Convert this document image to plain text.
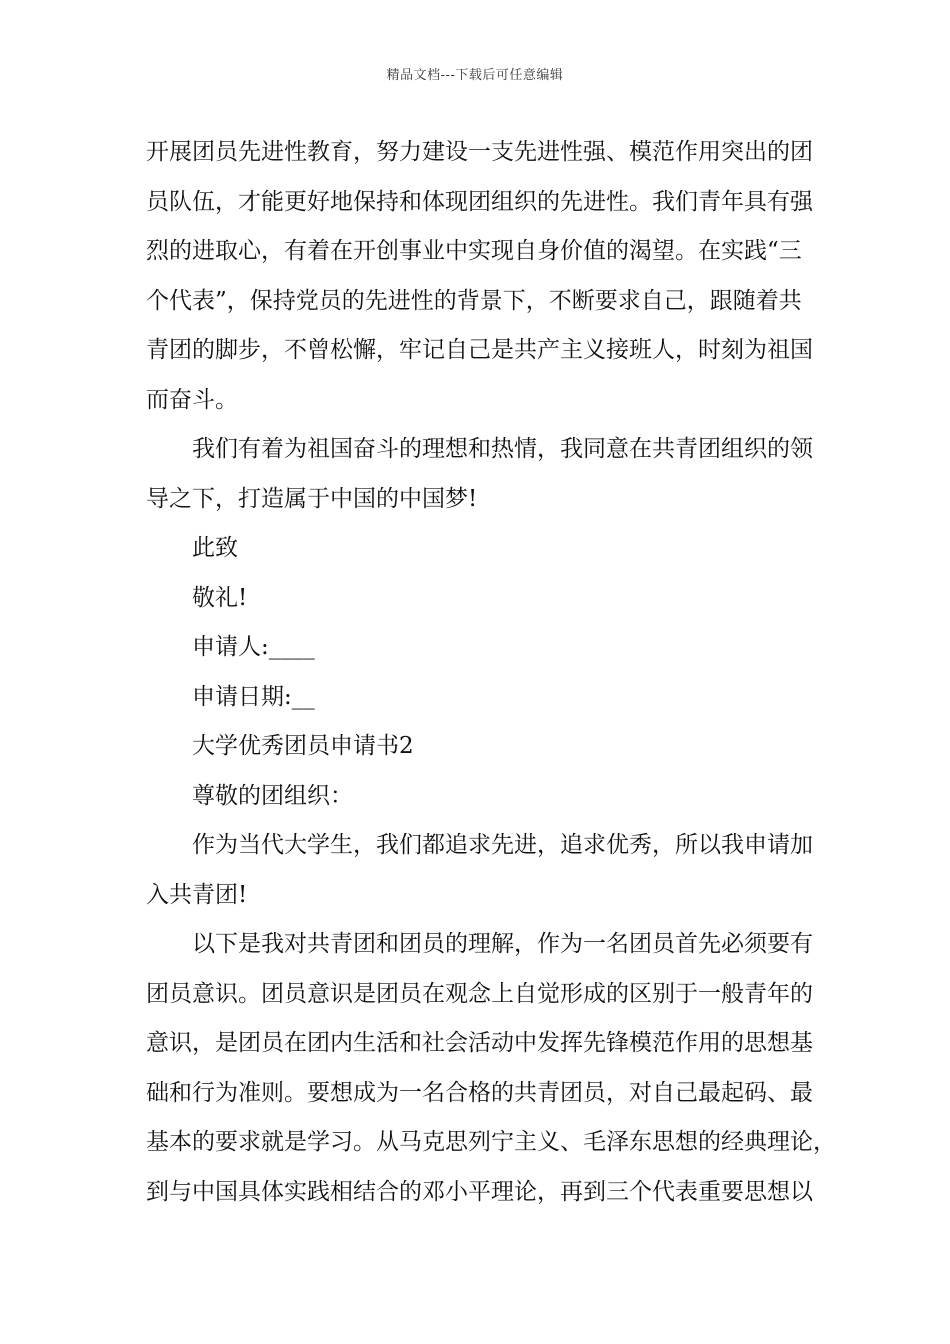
精品文档---下载后可任意编辑
开展团员先进性教育，努力建设一支先进性强、模范作用突出的团
员队伍，才能更好地保持和体现团组织的先进性。我们青年具有强
烈的进取心，有着在开创事业中实现自身价值的渴望。在实践“三
个代表”，保持党员的先进性的背景下，不断要求自己，跟随着共
青团的脚步，不曾松懈，牢记自己是共产主义接班人，时刻为祖国
而奋斗。
我们有着为祖国奋斗的理想和热情，我同意在共青团组织的领
导之下，打造属于中国的中国梦!
此致
敬礼!
申请人:____
申请日期:__
大学优秀团员申请书2
尊敬的团组织：
作为当代大学生，我们都追求先进，追求优秀，所以我申请加
入共青团!
以下是我对共青团和团员的理解，作为一名团员首先必须要有
团员意识。团员意识是团员在观念上自觉形成的区别于一般青年的
意识，是团员在团内生活和社会活动中发挥先锋模范作用的思想基
础和行为准则。要想成为一名合格的共青团员，对自己最起码、最
基本的要求就是学习。从马克思列宁主义、毛泽东思想的经典理论，
到与中国具体实践相结合的邓小平理论，再到三个代表重要思想以
